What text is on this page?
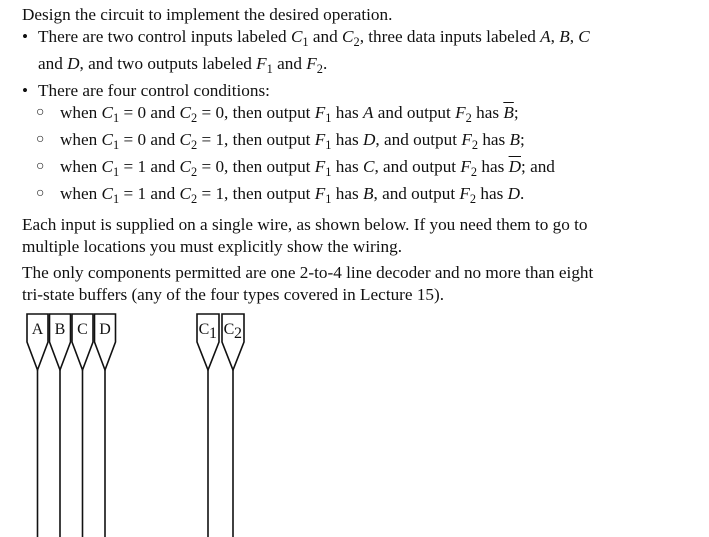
Design the circuit to implement the desired operation.
• There are two control inputs labeled $C_1$ and $C_2$, three data inputs labeled A, B, C
and D, and two outputs labeled $F_1$ and $F_2$.
• There are four control conditions:
○ when $C_1 = 0$ and $C_2 = 0$, then output $F_1$ has A and output $F_2$ has $\overline{B}$;
○ when $C_1 = 0$ and $C_2 = 1$, then output $F_1$ has D, and output $F_2$ has B;
○ when $C_1 = 1$ and $C_2 = 0$, then output $F_1$ has C, and output $F_2$ has $\overline{D}$; and
○ when $C_1 = 1$ and $C_2 = 1$, then output $F_1$ has B, and output $F_2$ has D.
Each input is supplied on a single wire, as shown below. If you need them to go to
multiple locations you must explicitly show the wiring.
The only components permitted are one 2-to-4 line decoder and no more than eight
tri-state buffers (any of the four types covered in Lecture 15).
A B C D	C 1 C 2
